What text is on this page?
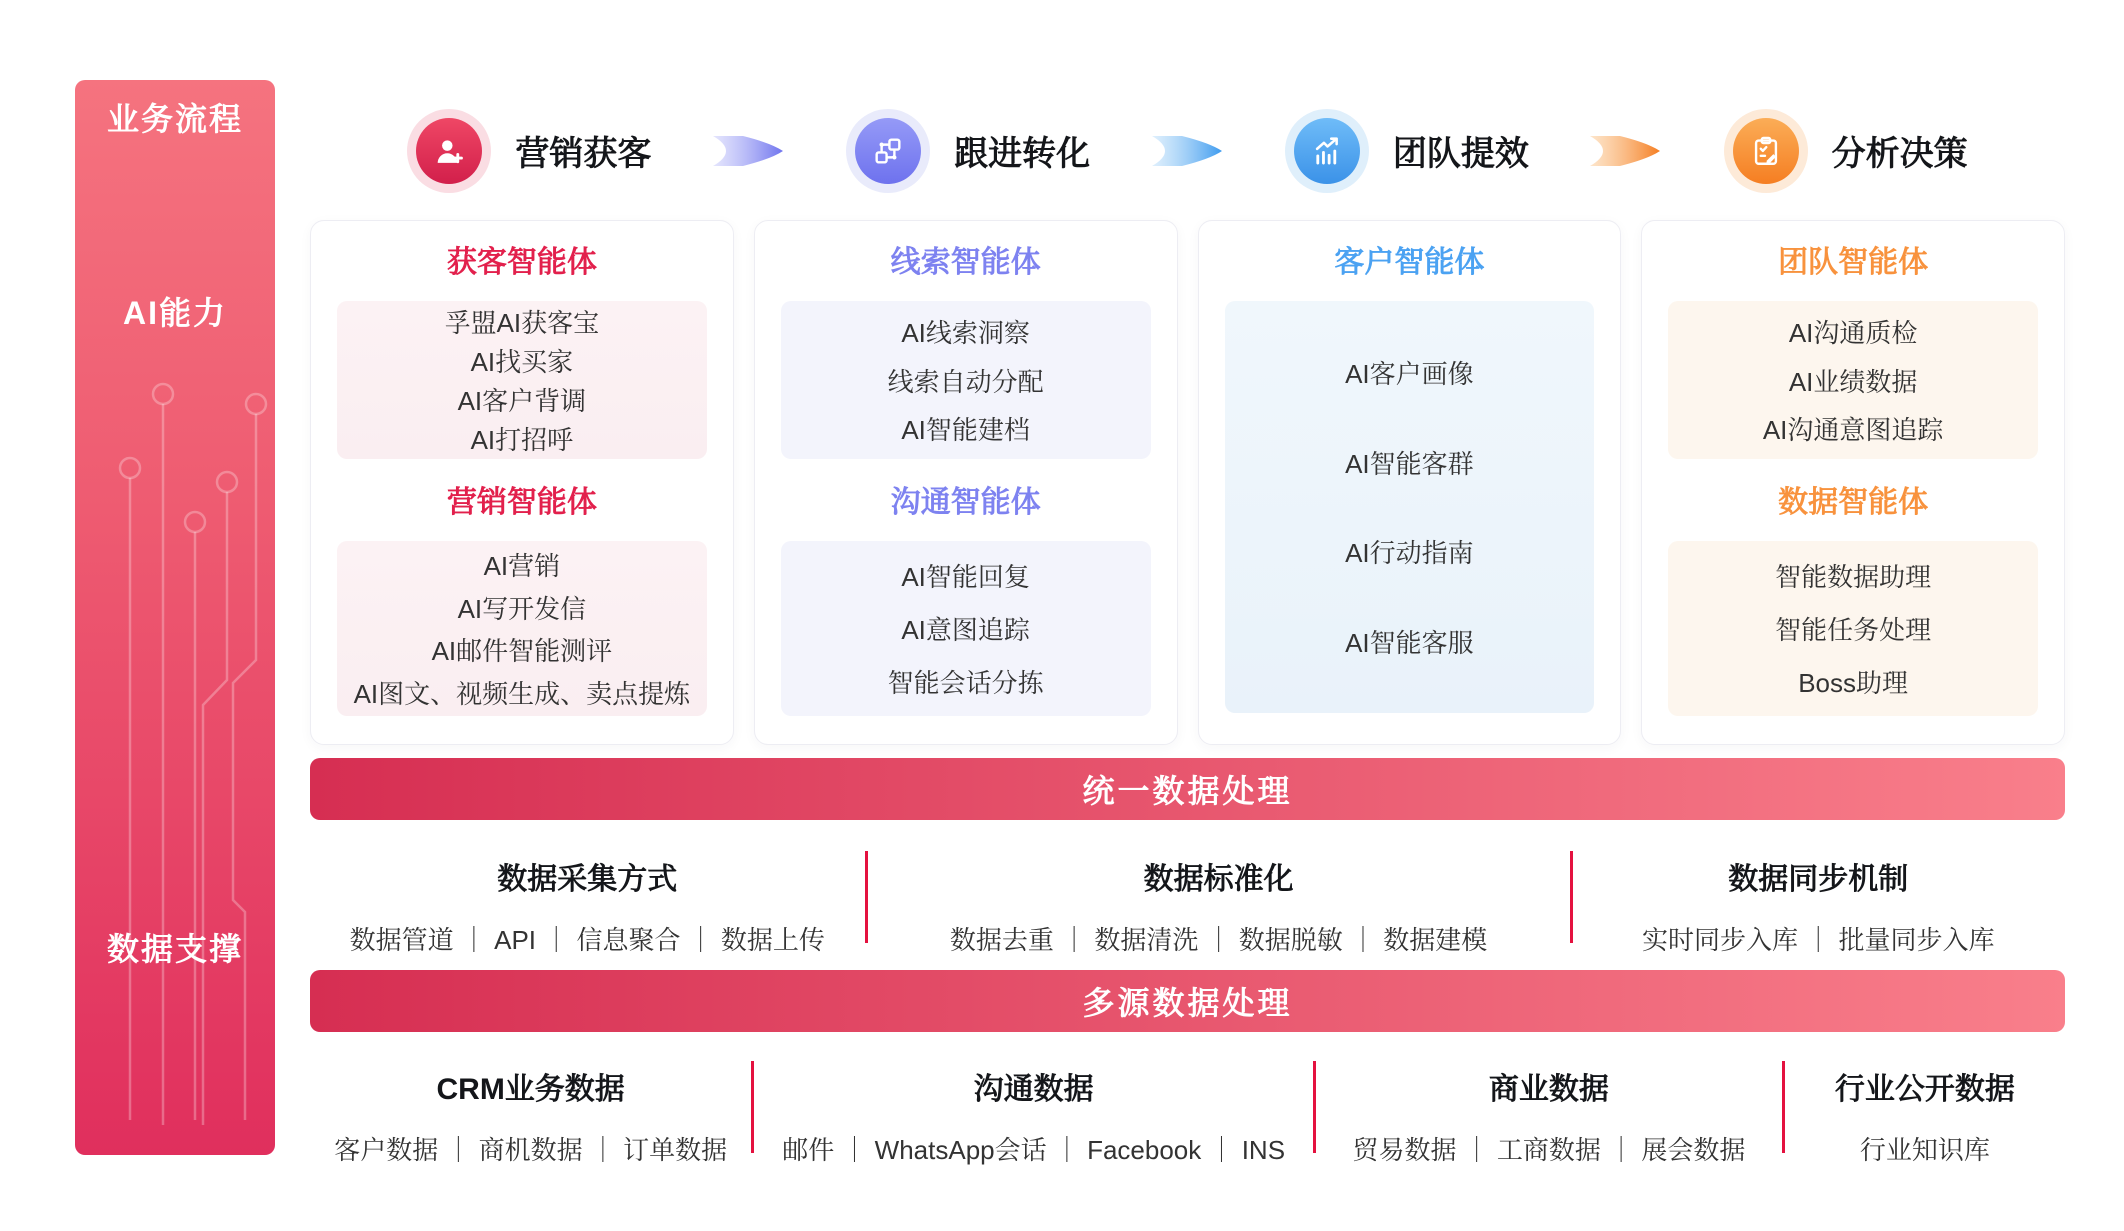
业务流程
AI能力
数据支撑
营销获客	跟进转化	团队提效	分析决策
获客智能体
孚盟AI获客宝
AI找买家
AI客户背调
AI打招呼
营销智能体
AI营销
AI写开发信
AI邮件智能测评
AI图文、视频生成、卖点提炼
线索智能体
AI线索洞察
线索自动分配
AI智能建档
沟通智能体
AI智能回复
AI意图追踪
智能会话分拣
客户智能体
AI客户画像
AI智能客群
AI行动指南
AI智能客服
团队智能体
AI沟通质检
AI业绩数据
AI沟通意图追踪
数据智能体
智能数据助理
智能任务处理
Boss助理
统一数据处理
数据采集方式
数据管道 ｜ API ｜ 信息聚合 ｜ 数据上传
数据标准化
数据去重 ｜ 数据清洗 ｜ 数据脱敏 ｜ 数据建模
数据同步机制
实时同步入库 ｜ 批量同步入库
多源数据处理
CRM业务数据
客户数据 ｜ 商机数据 ｜ 订单数据
沟通数据
邮件 ｜ WhatsApp会话 ｜ Facebook ｜ INS
商业数据
贸易数据 ｜ 工商数据 ｜ 展会数据
行业公开数据
行业知识库
